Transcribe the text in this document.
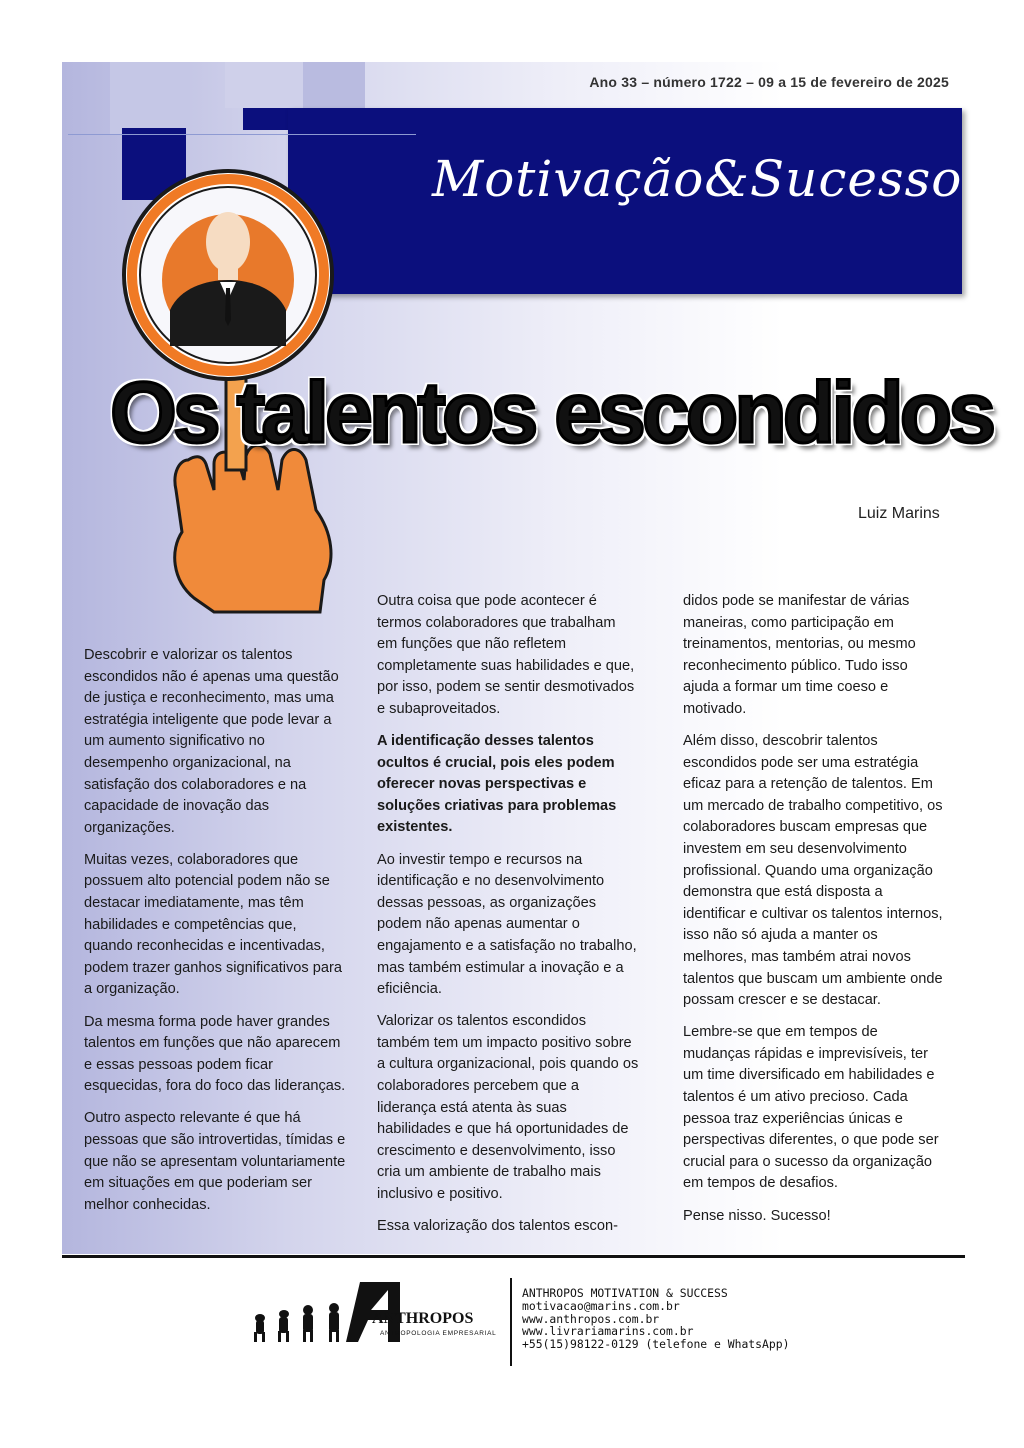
Ano 33 – número 1722 – 09 a 15 de fevereiro de 2025
Motivação&Sucesso
Os talentos escondidos
Luiz Marins

Descobrir e valorizar os talentos escondidos não é apenas uma questão de justiça e reconhecimento, mas uma estratégia inteligente que pode levar a um aumento significativo no desempenho organizacional, na satisfação dos colaboradores e na capacidade de inovação das organizações.

Muitas vezes, colaboradores que possuem alto potencial podem não se destacar imediatamente, mas têm habilidades e competências que, quando reconhecidas e incentivadas, podem trazer ganhos significativos para a organização.

Da mesma forma pode haver grandes talentos em funções que não aparecem e essas pessoas podem ficar esquecidas, fora do foco das lideranças.

Outro aspecto relevante é que há pessoas que são introvertidas, tímidas e que não se apresentam voluntariamente em situações em que poderiam ser melhor conhecidas.

Outra coisa que pode acontecer é termos colaboradores que trabalham em funções que não refletem completamente suas habilidades e que, por isso, podem se sentir desmotivados e subaproveitados.

A identificação desses talentos ocultos é crucial, pois eles podem oferecer novas perspectivas e soluções criativas para problemas existentes.

Ao investir tempo e recursos na identificação e no desenvolvimento dessas pessoas, as organizações podem não apenas aumentar o engajamento e a satisfação no trabalho, mas também estimular a inovação e a eficiência.

Valorizar os talentos escondidos também tem um impacto positivo sobre a cultura organizacional, pois quando os colaboradores percebem que a liderança está atenta às suas habilidades e que há oportunidades de crescimento e desenvolvimento, isso cria um ambiente de trabalho mais inclusivo e positivo.

Essa valorização dos talentos escon-

didos pode se manifestar de várias maneiras, como participação em treinamentos, mentorias, ou mesmo reconhecimento público. Tudo isso ajuda a formar um time coeso e motivado.

Além disso, descobrir talentos escondidos pode ser uma estratégia eficaz para a retenção de talentos. Em um mercado de trabalho competitivo, os colaboradores buscam empresas que investem em seu desenvolvimento profissional. Quando uma organização demonstra que está disposta a identificar e cultivar os talentos internos, isso não só ajuda a manter os melhores, mas também atrai novos talentos que buscam um ambiente onde possam crescer e se destacar.

Lembre-se que em tempos de mudanças rápidas e imprevisíveis, ter um time diversificado em habilidades e talentos é um ativo precioso. Cada pessoa traz experiências únicas e perspectivas diferentes, o que pode ser crucial para o sucesso da organização em tempos de desafios.

Pense nisso. Sucesso!

ANTHROPOS
ANTROPOLOGIA EMPRESARIAL
ANTHROPOS MOTIVATION & SUCCESS
motivacao@marins.com.br
www.anthropos.com.br
www.livrariamarins.com.br
+55(15)98122-0129 (telefone e WhatsApp)
